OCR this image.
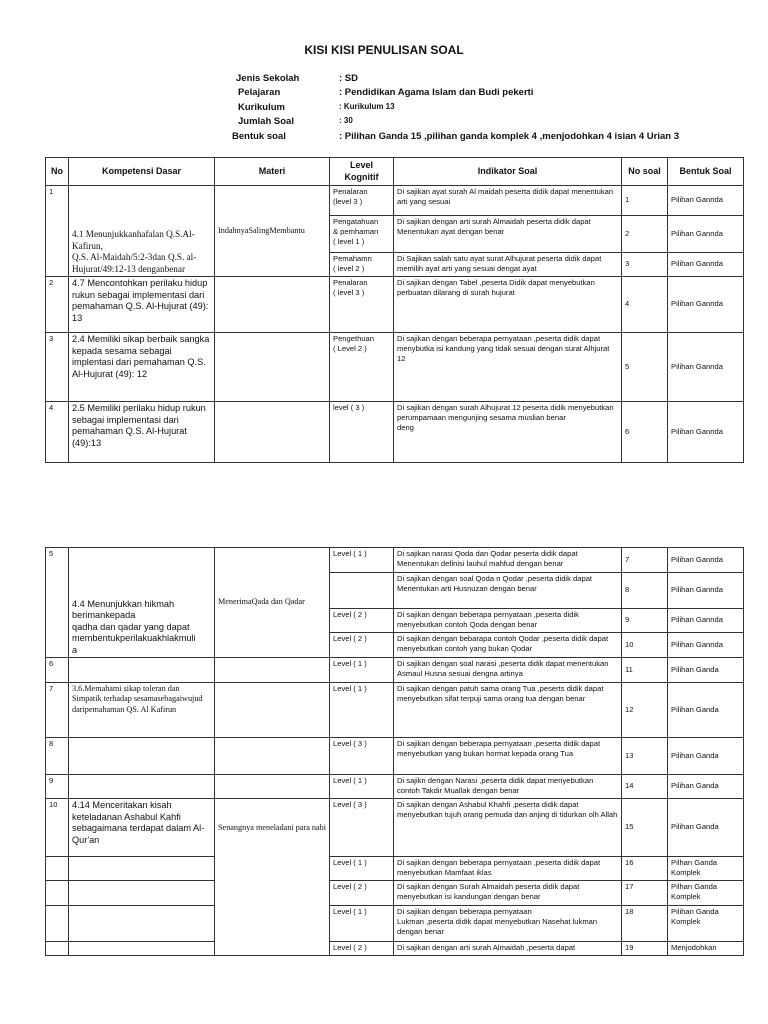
KISI KISI PENULISAN SOAL
Jenis Sekolah	: SD
Pelajaran	: Pendidikan Agama Islam dan Budi pekerti
Kurikulum	: Kurikulum 13
Jumlah Soal	: 30
Bentuk soal	: Pilihan Ganda 15 ,pilihan ganda komplek 4 ,menjodohkan 4 isian 4 Urian 3
No	Kompetensi Dasar	Materi	Level Kognitif	Indikator Soal	No soal	Bentuk Soal
1	4.1 Menunjukkanhafalan Q.S.Al-Kafirun,
Q.S. Al-Maidah/5:2-3dan Q.S. al-
Hujurat/49:12-13 denganbenar	IndahnyaSalingMembantu	Penalaran
(level 3 )	Di sajikan ayat surah Al maidah peserta didik dapat menentukan arti yang sesuai	1	Pilihan Gannda
			Pengatahuan
& pemhaman
( level 1 )	Di sajikan dengan arti surah Almaidah peserta didik dapat Menentukan ayat dengan benar	2	Pilihan Gannda
			Pemahamn
( level 2 )	Di Sajikan salah satu ayat surat Alhujurat peserta didik dapat memilih ayat arti yang sesuai dengat ayat	3	Pilihan Gannda
2	4.7 Mencontohkan perilaku hidup rukun sebagai implementasi dari pemahaman Q.S. Al-Hujurat (49): 13		Penalaran
( level 3 )	Di sajikan dengan Tabel ,peserta Didik dapat menyebutkan perbuatan dilarang di surah hujurat	4	Pilihan Gannda
3	2.4 Memiliki sikap berbaik sangka kepada sesama sebagai implentasi dari pemahaman Q.S. Al-Hujurat (49): 12		Pengethuan
( Level 2 )	Di sajikan dengan beberapa pernyataan ,peserta didik dapat menybutka isi kandung yang tidak sesuai dengan surat Alhjurat 12	5	Pilihan Gannda
4	2.5 Memiliki perilaku hidup rukun sebagai implementasi dari pemahaman Q.S. Al-Hujurat (49):13		level ( 3 )	Di sajikan dengan surah Alhujurat 12 peserta didik menyebutkan perumpamaan mengunjing sesama muslian benar
deng	6	Pilihan Gannda
5	4.4 Menunjukkan hikmah berimankepada
qadha dan qadar yang dapat membentukperilakuakhlakmuli
a	MenerimaQada dan Qadar	Level ( 1 )	Di sajikan narasi Qoda dan Qodar peserta didik dapat Menentukan definisi lauhul mahfud dengan benar	7	Pilihan Gannda
				Di sajikan dengan soal Qoda n Qodar ,peserta didik dapat
Menentukan arti Husnuzan dengan benar	8	Pilihan Gannda
			Level ( 2 )	Di sajikan dengan beberapa pernyataan ,peserta didik menyebutkan contoh Qoda dengan benar	9	Pilihan Gannda
			Level ( 2 )	Di sajikan dengan bebarapa contoh Qodar ,peserta didik dapat menyebutkan contoh yang bukan Qodar	10	Pilihan Gannda
6			Level ( 1 )	Di sajikan dengan soal narasi ,peserta didik dapat menentukan Asmaul Husna sesuai dengna artinya	11	Pilihan Ganda
7	3.6.Memahami sikap toleran dan Simpatik terhadap sesamasebagaiwujud daripemahaman QS. Al Kafirun		Level ( 1 )	Di sajikan dengan patuh sama orang Tua ,peserts didik dapat menyebutkan sifat terpuji sama orang tua dengan benar	12	Pilihan Ganda
8			Level ( 3 )	Di sajikan dengan beberapa pernyataan ,peserta didik dapat menyebutkan yang bukan hormat kepada orang Tua	13	Pilihan Ganda
9			Level ( 1 )	Di sajikn dengan Narasi ,peserta didik dapat menyebutkan contoh Takdir Muallak dengan benar	14	Pilihan Ganda
10	4.14 Menceritakan kisah keteladanan Ashabul Kahfi sebagaimana terdapat dalam Al-Qur'an	Senangnya meneladani para nabi	Level ( 3 )	Di sajikan dengan Ashabul Khahfi ,peserta didik dapat menyebutkan tujuh orang pemuda dan anjing di tidurkan olh Allah	15	Pilihan Ganda
			Level ( 1 )	Di sajikan dengan beberapa pernyataan ,peserta didik dapat menyebutkan Mamfaat iklas	16	Pilhan Ganda Komplek
			Level ( 2 )	Di sajikan dengan Surah Almaidah peserta didik dapat menyebutkan isi kandungan dengan benar	17	Pilhan Ganda Komplek
			Level ( 1 )	Di sajikan dengan beberapa pernyataan
Lukman ,peserta didik dapat menyebutkan Nasehat lukman dengan benar	18	Pilihan Ganda Komplek
			Level ( 2 )	Di sajikan dengan arti surah Almaidah ,peserta dapat	19	Menjodohkan
